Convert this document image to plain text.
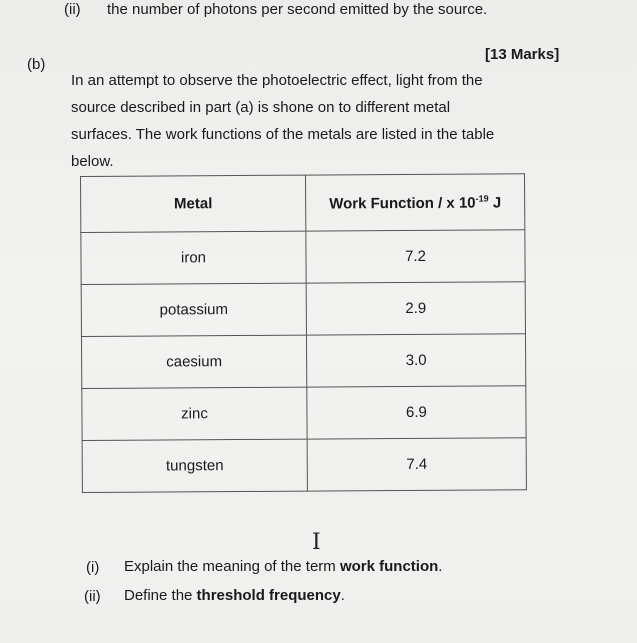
(ii) the number of photons per second emitted by the source.
(b)
[13 Marks]
In an attempt to observe the photoelectric effect, light from the
source described in part (a) is shone on to different metal
surfaces. The work functions of the metals are listed in the table
below.
Metal	Work Function / x $10^{-19}$ J
iron	7.2
potassium	2.9
caesium	3.0
zinc	6.9
tungsten	7.4
I
(i) Explain the meaning of the term work function.
(ii) Define the threshold frequency.
